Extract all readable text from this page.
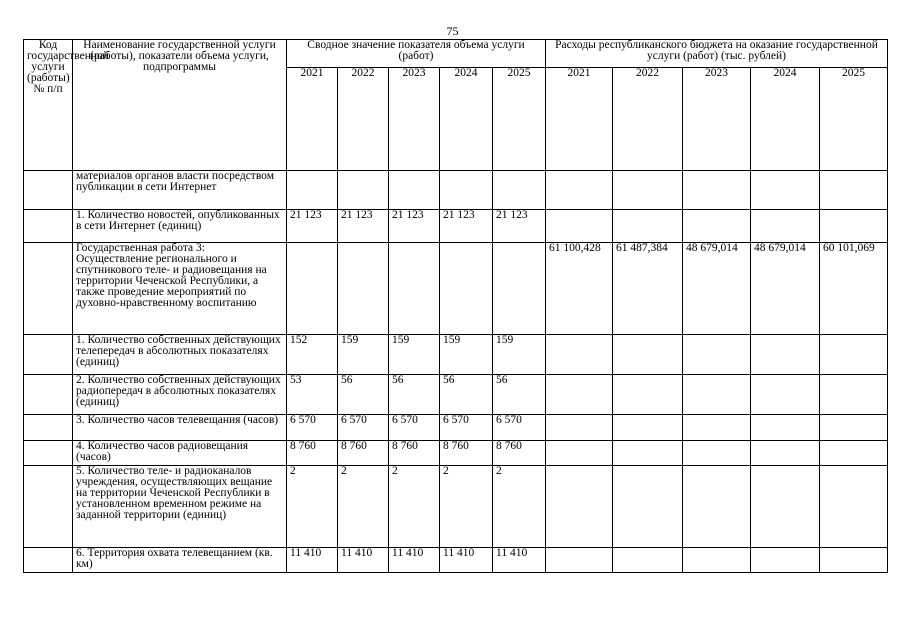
75
Код государственной услуги (работы) № п/п	Наименование государственной услуги (работы), показатели объема услуги, подпрограммы	Сводное значение показателя объема услуги (работ)					Расходы республиканского бюджета на оказание государственной услуги (работ) (тыс. рублей)				
		2021	2022	2023	2024	2025	2021	2022	2023	2024	2025
	материалов органов власти посредством публикации в сети Интернет										
	1. Количество новостей, опубликованных в сети Интернет (единиц)	21 123	21 123	21 123	21 123	21 123					
	Государственная работа 3: Осуществление регионального и спутникового теле- и радиовещания на территории Чеченской Республики, а также проведение мероприятий по духовно-нравственному воспитанию						61 100,428	61 487,384	48 679,014	48 679,014	60 101,069
	1. Количество собственных действующих телепередач в абсолютных показателях (единиц)	152	159	159	159	159					
	2. Количество собственных действующих радиопередач в абсолютных показателях (единиц)	53	56	56	56	56					
	3. Количество часов телевещания (часов)	6 570	6 570	6 570	6 570	6 570					
	4. Количество часов радиовещания (часов)	8 760	8 760	8 760	8 760	8 760					
	5. Количество теле- и радиоканалов учреждения, осуществляющих вещание на территории Чеченской Республики в установленном временном режиме на заданной территории (единиц)	2	2	2	2	2					
	6. Территория охвата телевещанием (кв. км)	11 410	11 410	11 410	11 410	11 410					
